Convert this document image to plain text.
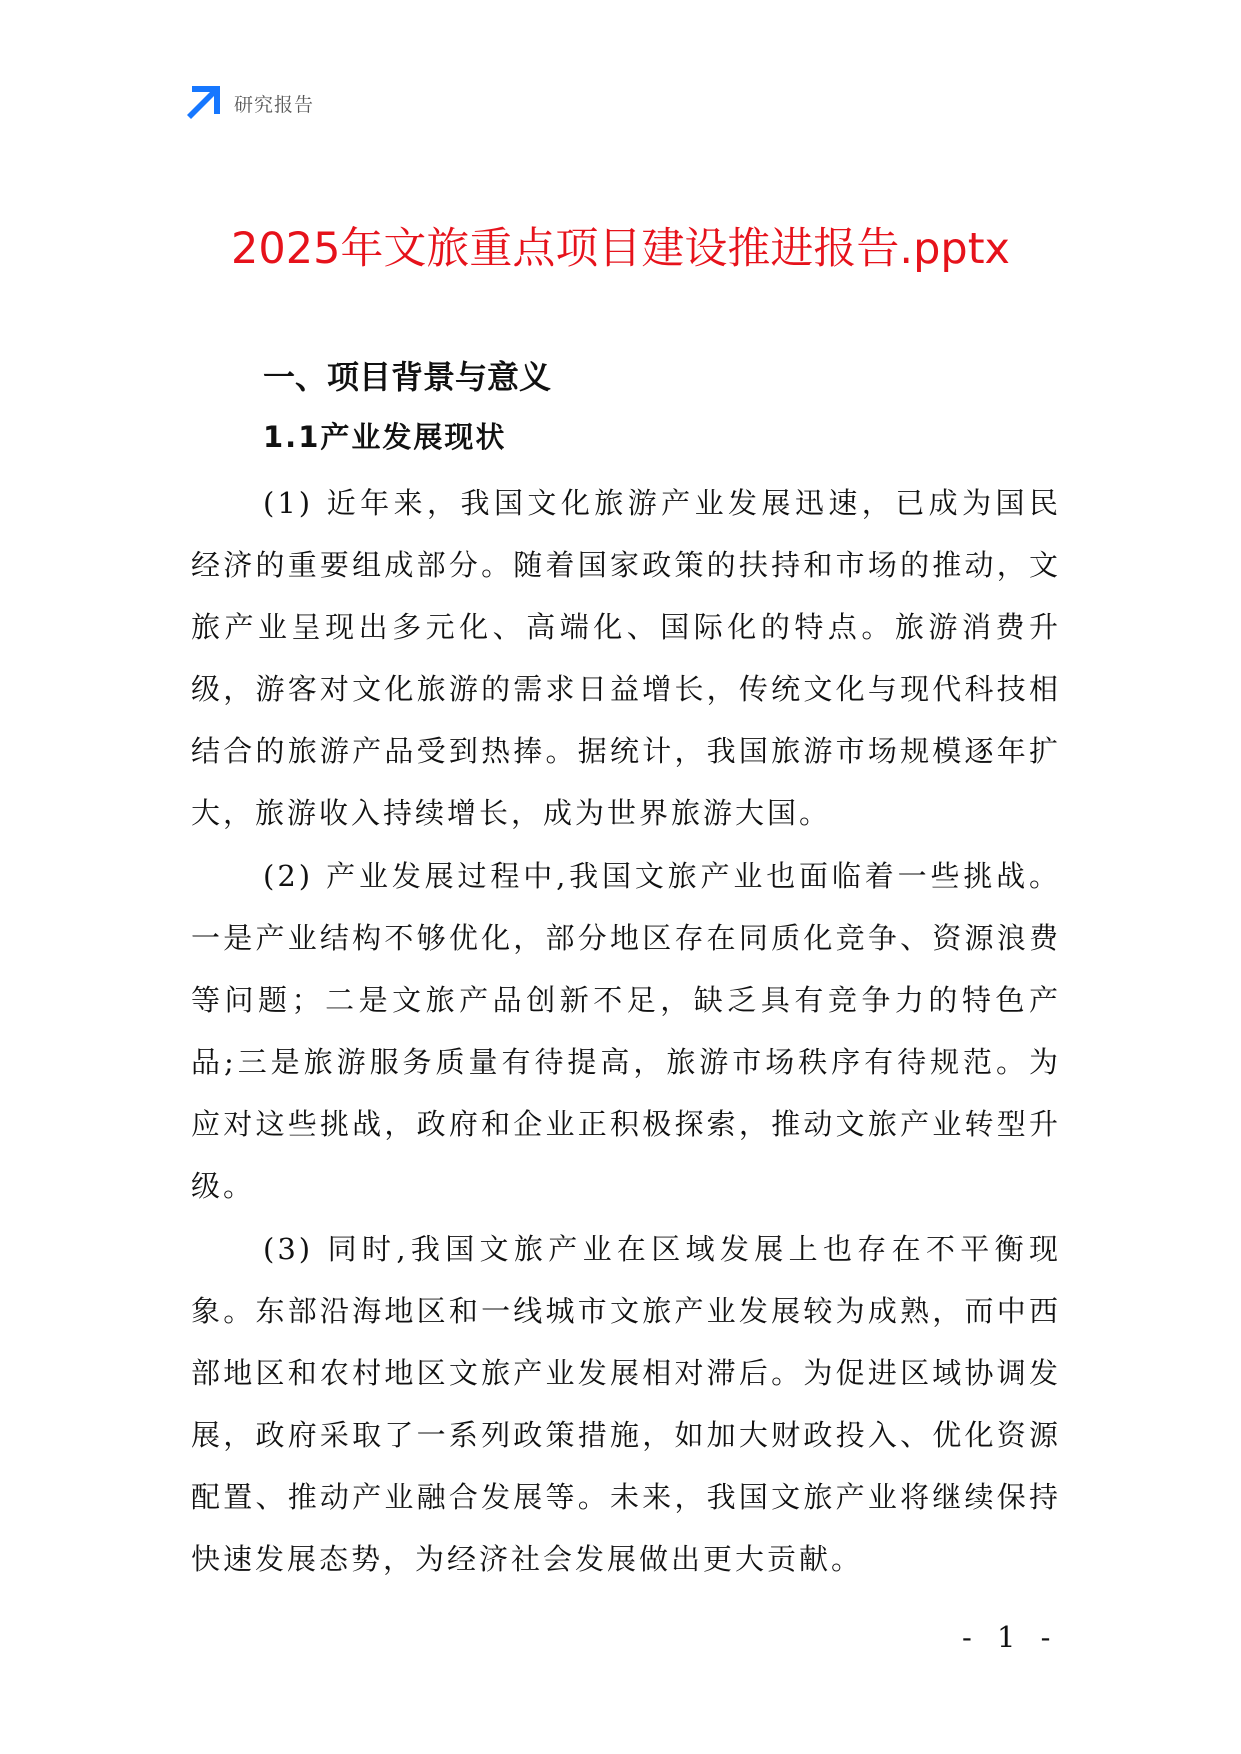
研究报告
2025年文旅重点项目建设推进报告.pptx
一、项目背景与意义
1.1产业发展现状

(1) 近年来，我国文化旅游产业发展迅速，已成为国民经济的重要组成部分。随着国家政策的扶持和市场的推动，文旅产业呈现出多元化、高端化、国际化的特点。旅游消费升级，游客对文化旅游的需求日益增长，传统文化与现代科技相结合的旅游产品受到热捧。据统计，我国旅游市场规模逐年扩大，旅游收入持续增长，成为世界旅游大国。

(2) 产业发展过程中,我国文旅产业也面临着一些挑战。一是产业结构不够优化，部分地区存在同质化竞争、资源浪费等问题；二是文旅产品创新不足，缺乏具有竞争力的特色产品;三是旅游服务质量有待提高，旅游市场秩序有待规范。为应对这些挑战，政府和企业正积极探索，推动文旅产业转型升级。

(3) 同时,我国文旅产业在区域发展上也存在不平衡现象。东部沿海地区和一线城市文旅产业发展较为成熟，而中西部地区和农村地区文旅产业发展相对滞后。为促进区域协调发展，政府采取了一系列政策措施，如加大财政投入、优化资源配置、推动产业融合发展等。未来，我国文旅产业将继续保持快速发展态势，为经济社会发展做出更大贡献。

- 1 -
